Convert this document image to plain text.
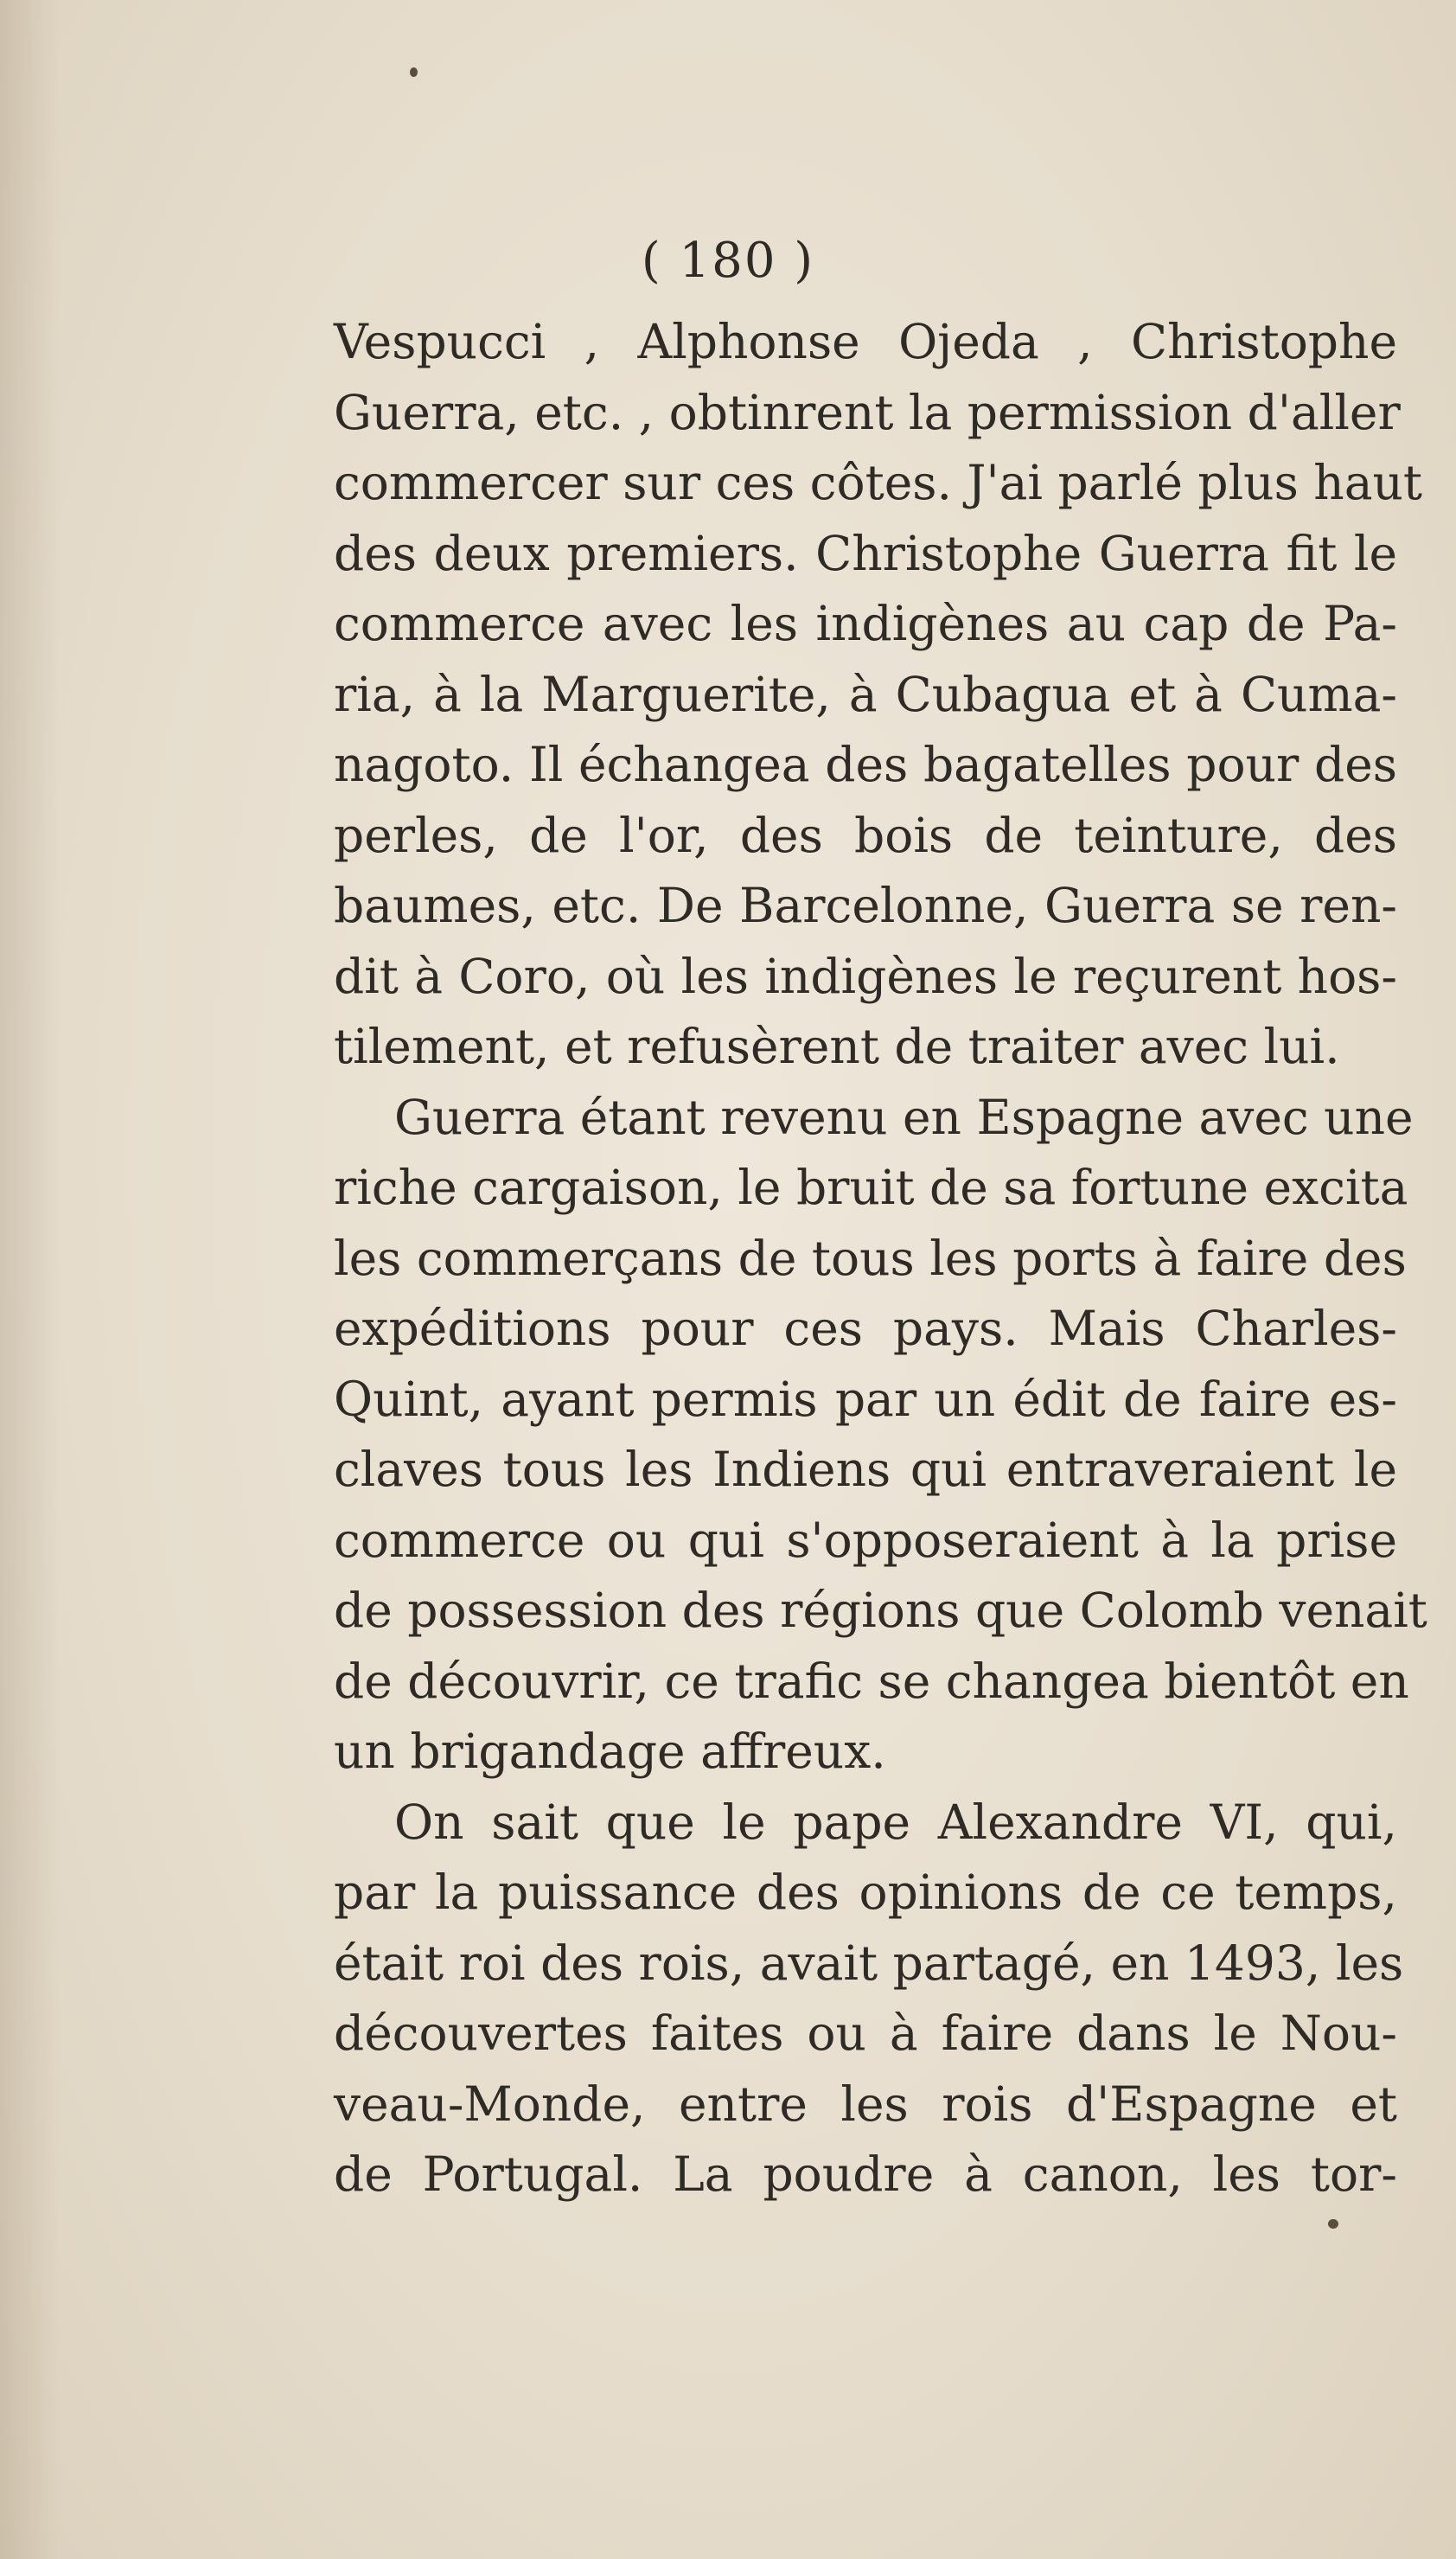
( 180 )
Vespucci , Alphonse Ojeda , Christophe
Guerra, etc. , obtinrent la permission d'aller
commercer sur ces côtes. J'ai parlé plus haut
des deux premiers. Christophe Guerra fit le
commerce avec les indigènes au cap de Pa-
ria, à la Marguerite, à Cubagua et à Cuma-
nagoto. Il échangea des bagatelles pour des
perles, de l'or, des bois de teinture, des
baumes, etc. De Barcelonne, Guerra se ren-
dit à Coro, où les indigènes le reçurent hos-
tilement, et refusèrent de traiter avec lui.
Guerra étant revenu en Espagne avec une
riche cargaison, le bruit de sa fortune excita
les commerçans de tous les ports à faire des
expéditions pour ces pays. Mais Charles-
Quint, ayant permis par un édit de faire es-
claves tous les Indiens qui entraveraient le
commerce ou qui s'opposeraient à la prise
de possession des régions que Colomb venait
de découvrir, ce trafic se changea bientôt en
un brigandage affreux.
On sait que le pape Alexandre VI, qui,
par la puissance des opinions de ce temps,
était roi des rois, avait partagé, en 1493, les
découvertes faites ou à faire dans le Nou-
veau-Monde, entre les rois d'Espagne et
de Portugal. La poudre à canon, les tor-
